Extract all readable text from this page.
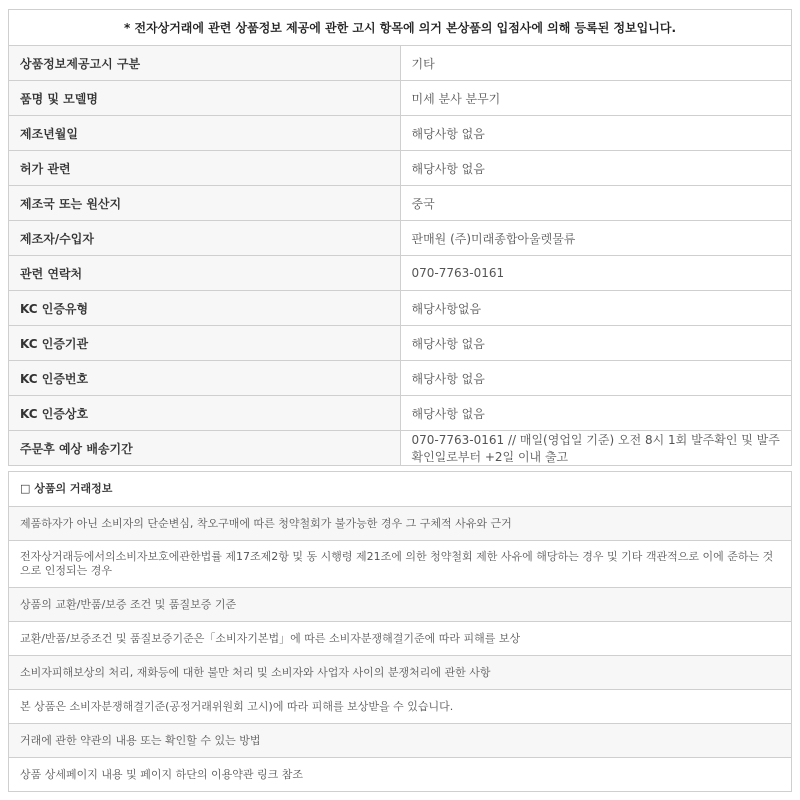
* 전자상거래에 관련 상품정보 제공에 관한 고시 항목에 의거 본상품의 입점사에 의해 등록된 정보입니다.	
상품정보제공고시 구분	기타
품명 및 모델명	미세 분사 분무기
제조년월일	해당사항 없음
허가 관련	해당사항 없음
제조국 또는 원산지	중국
제조자/수입자	판매원 (주)미래종합아울렛물류
관련 연락처	070-7763-0161
KC 인증유형	해당사항없음
KC 인증기관	해당사항 없음
KC 인증번호	해당사항 없음
KC 인증상호	해당사항 없음
주문후 예상 배송기간	070-7763-0161 // 매일(영업일 기준) 오전 8시 1회 발주확인 및 발주확인일로부터 +2일 이내 출고
□ 상품의 거래정보
제품하자가 아닌 소비자의 단순변심, 착오구매에 따른 청약철회가 불가능한 경우 그 구체적 사유와 근거
전자상거래등에서의소비자보호에관한법률 제17조제2항 및 동 시행령 제21조에 의한 청약철회 제한 사유에 해당하는 경우 및 기타 객관적으로 이에 준하는 것으로 인정되는 경우
상품의 교환/반품/보증 조건 및 품질보증 기준
교환/반품/보증조건 및 품질보증기준은「소비자기본법」에 따른 소비자분쟁해결기준에 따라 피해를 보상
소비자피해보상의 처리, 재화등에 대한 불만 처리 및 소비자와 사업자 사이의 분쟁처리에 관한 사항
본 상품은 소비자분쟁해결기준(공정거래위원회 고시)에 따라 피해를 보상받을 수 있습니다.
거래에 관한 약관의 내용 또는 확인할 수 있는 방법
상품 상세페이지 내용 및 페이지 하단의 이용약관 링크 참조
